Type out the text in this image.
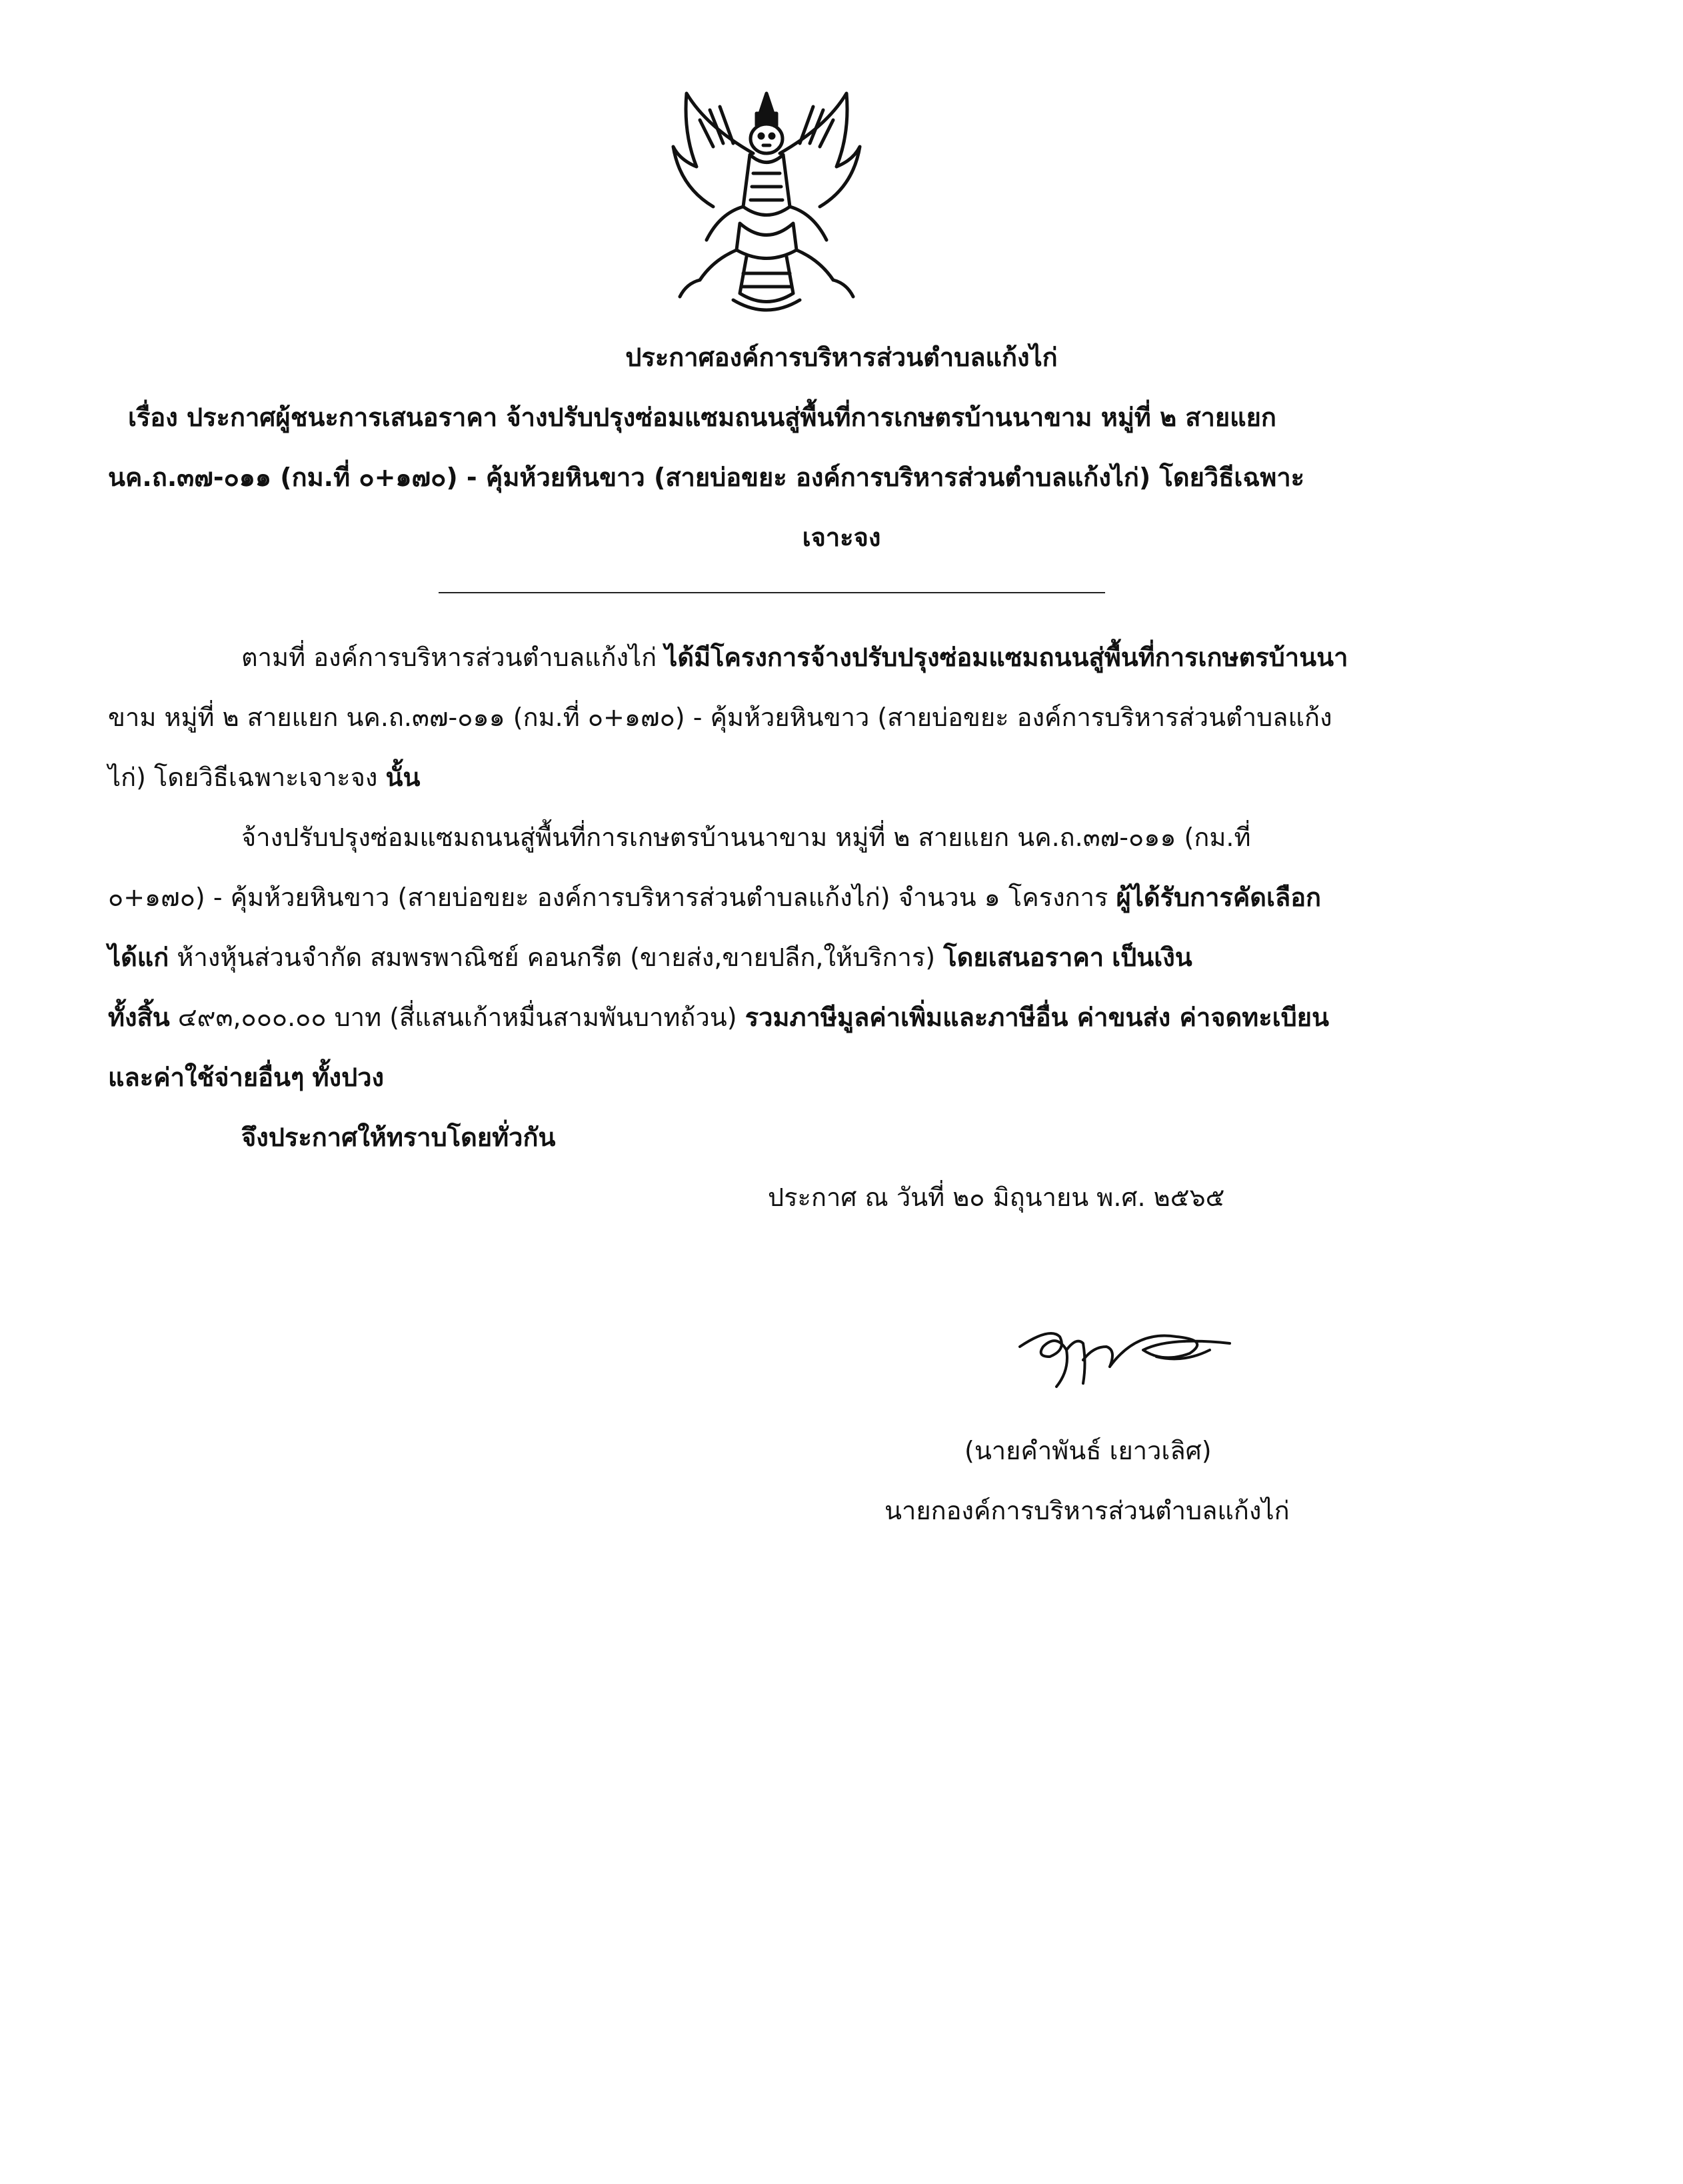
ประกาศองค์การบริหารส่วนตำบลแก้งไก่
เรื่อง ประกาศผู้ชนะการเสนอราคา จ้างปรับปรุงซ่อมแซมถนนสู่พื้นที่การเกษตรบ้านนาขาม หมู่ที่ ๒ สายแยก
นค.ถ.๓๗-๐๑๑ (กม.ที่ ๐+๑๗๐) - คุ้มห้วยหินขาว (สายบ่อขยะ องค์การบริหารส่วนตำบลแก้งไก่) โดยวิธีเฉพาะ
เจาะจง
ตามที่ องค์การบริหารส่วนตำบลแก้งไก่ ได้มีโครงการจ้างปรับปรุงซ่อมแซมถนนสู่พื้นที่การเกษตรบ้านนา
ขาม หมู่ที่ ๒ สายแยก นค.ถ.๓๗-๐๑๑ (กม.ที่ ๐+๑๗๐) - คุ้มห้วยหินขาว (สายบ่อขยะ องค์การบริหารส่วนตำบลแก้ง
ไก่) โดยวิธีเฉพาะเจาะจง นั้น
จ้างปรับปรุงซ่อมแซมถนนสู่พื้นที่การเกษตรบ้านนาขาม หมู่ที่ ๒ สายแยก นค.ถ.๓๗-๐๑๑ (กม.ที่
๐+๑๗๐) - คุ้มห้วยหินขาว (สายบ่อขยะ องค์การบริหารส่วนตำบลแก้งไก่) จำนวน ๑ โครงการ ผู้ได้รับการคัดเลือก
ได้แก่ ห้างหุ้นส่วนจำกัด สมพรพาณิชย์ คอนกรีต (ขายส่ง,ขายปลีก,ให้บริการ) โดยเสนอราคา เป็นเงิน
ทั้งสิ้น ๔๙๓,๐๐๐.๐๐ บาท (สี่แสนเก้าหมื่นสามพันบาทถ้วน) รวมภาษีมูลค่าเพิ่มและภาษีอื่น ค่าขนส่ง ค่าจดทะเบียน
และค่าใช้จ่ายอื่นๆ ทั้งปวง
จึงประกาศให้ทราบโดยทั่วกัน
ประกาศ ณ วันที่ ๒๐ มิถุนายน พ.ศ. ๒๕๖๕
(นายคำพันธ์ เยาวเลิศ)
นายกองค์การบริหารส่วนตำบลแก้งไก่
